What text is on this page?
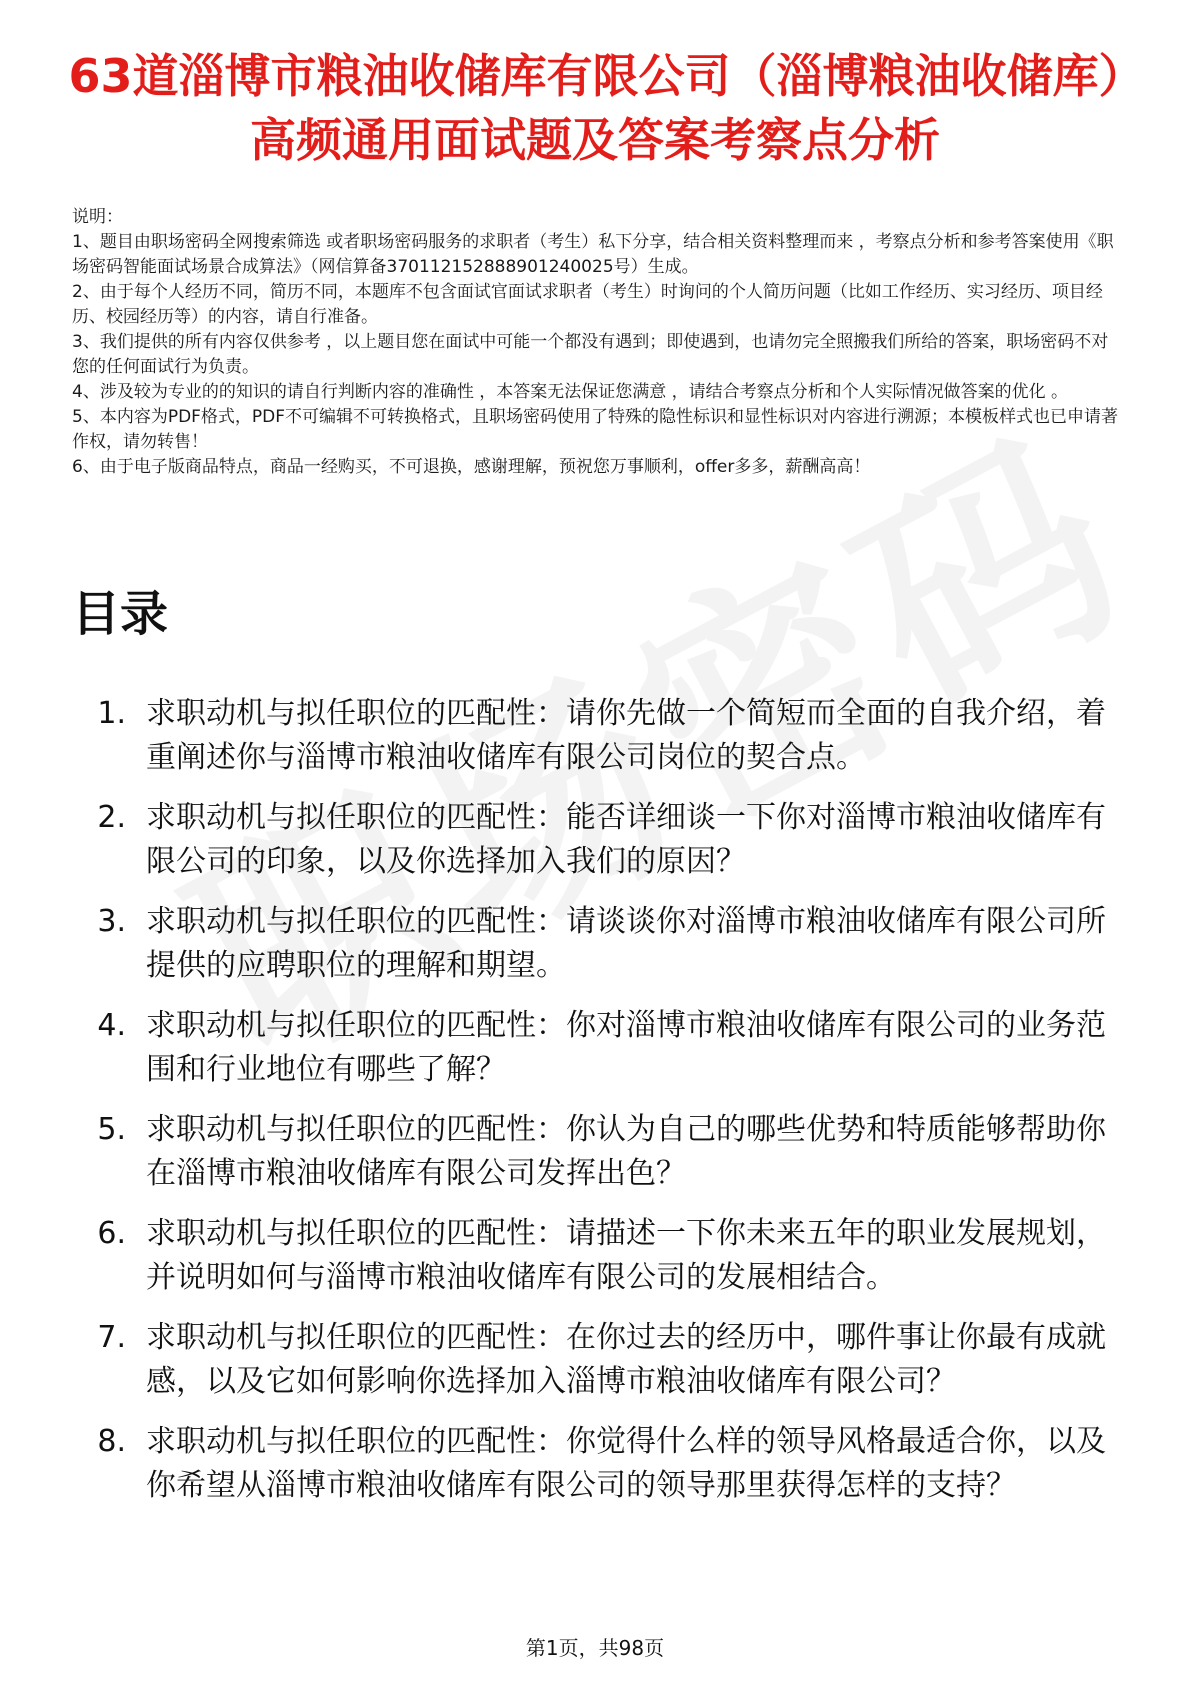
63道淄博市粮油收储库有限公司（淄博粮油收储库）高频通用面试题及答案考察点分析
说明：
1、题目由职场密码全网搜索筛选 或者职场密码服务的求职者（考生）私下分享，结合相关资料整理而来 ，考察点分析和参考答案使用《职场密码智能面试场景合成算法》（网信算备370112152888901240025号）生成。
2、由于每个人经历不同，简历不同，本题库不包含面试官面试求职者（考生）时询问的个人简历问题（比如工作经历、实习经历、项目经历、校园经历等）的内容，请自行准备。
3、我们提供的所有内容仅供参考 ，以上题目您在面试中可能一个都没有遇到；即使遇到，也请勿完全照搬我们所给的答案，职场密码不对您的任何面试行为负责。
4、涉及较为专业的的知识的请自行判断内容的准确性 ，本答案无法保证您满意 ，请结合考察点分析和个人实际情况做答案的优化 。
5、本内容为PDF格式，PDF不可编辑不可转换格式，且职场密码使用了特殊的隐性标识和显性标识对内容进行溯源；本模板样式也已申请著作权，请勿转售！
6、由于电子版商品特点，商品一经购买，不可退换，感谢理解，预祝您万事顺利，offer多多，薪酬高高！
目录
1. 求职动机与拟任职位的匹配性：请你先做一个简短而全面的自我介绍，着重阐述你与淄博市粮油收储库有限公司岗位的契合点。
2. 求职动机与拟任职位的匹配性：能否详细谈一下你对淄博市粮油收储库有限公司的印象，以及你选择加入我们的原因？
3. 求职动机与拟任职位的匹配性：请谈谈你对淄博市粮油收储库有限公司所提供的应聘职位的理解和期望。
4. 求职动机与拟任职位的匹配性：你对淄博市粮油收储库有限公司的业务范围和行业地位有哪些了解？
5. 求职动机与拟任职位的匹配性：你认为自己的哪些优势和特质能够帮助你在淄博市粮油收储库有限公司发挥出色？
6. 求职动机与拟任职位的匹配性：请描述一下你未来五年的职业发展规划，并说明如何与淄博市粮油收储库有限公司的发展相结合。
7. 求职动机与拟任职位的匹配性：在你过去的经历中，哪件事让你最有成就感，以及它如何影响你选择加入淄博市粮油收储库有限公司？
8. 求职动机与拟任职位的匹配性：你觉得什么样的领导风格最适合你，以及你希望从淄博市粮油收储库有限公司的领导那里获得怎样的支持？
第1页，共98页
